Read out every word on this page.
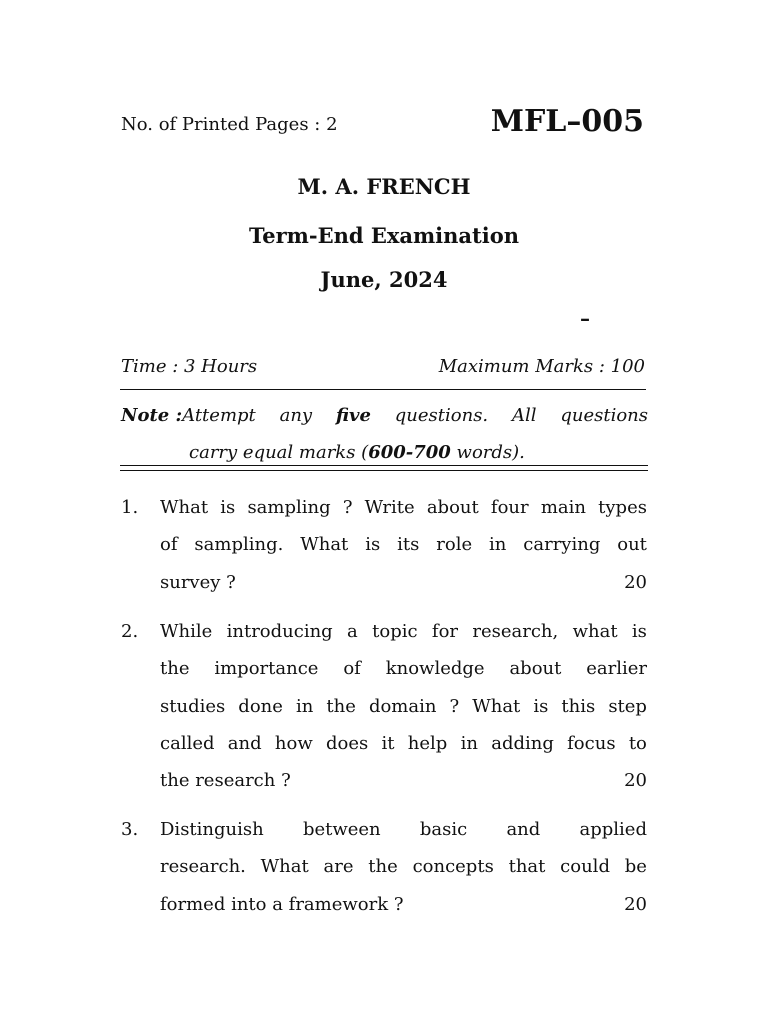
No. of Printed Pages : 2	MFL–005
M. A. FRENCH
Term-End Examination
June, 2024
–
Time : 3 Hours	Maximum Marks : 100
Note :Attempt any five questions. All questions
carry equal marks (600-700 words).
1. What is sampling ? Write about four main types
of sampling. What is its role in carrying out
survey ?	20
2. While introducing a topic for research, what is
the importance of knowledge about earlier
studies done in the domain ? What is this step
called and how does it help in adding focus to
the research ?	20
3. Distinguish between basic and applied
research. What are the concepts that could be
formed into a framework ?	20
